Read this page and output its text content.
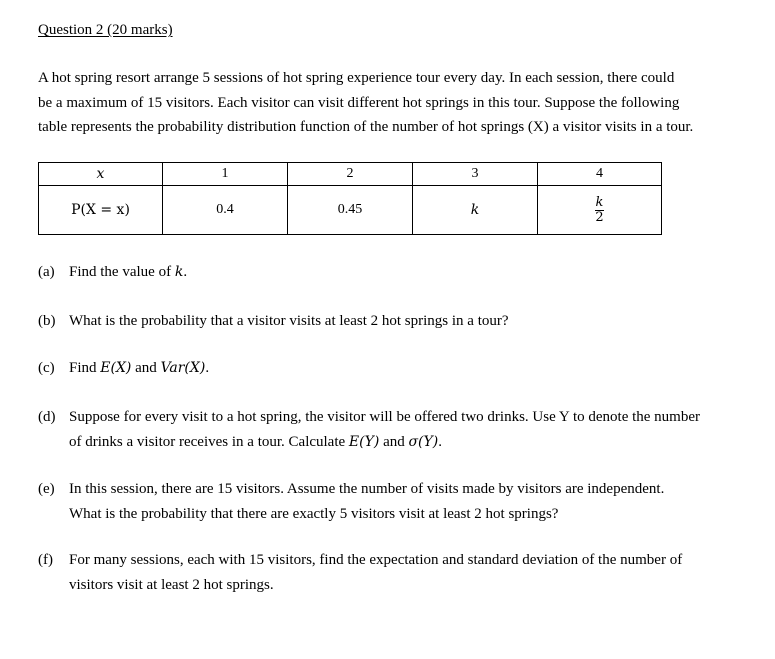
Question 2 (20 marks)
A hot spring resort arrange 5 sessions of hot spring experience tour every day. In each session, there could
be a maximum of 15 visitors. Each visitor can visit different hot springs in this tour. Suppose the following
table represents the probability distribution function of the number of hot springs (X) a visitor visits in a tour.
x	1	2	3	4
P(X = x)	0.4	0.45	k	$\frac{k}{2}$
(a) Find the value of k.
(b) What is the probability that a visitor visits at least 2 hot springs in a tour?
(c) Find E(X) and Var(X).
(d) Suppose for every visit to a hot spring, the visitor will be offered two drinks. Use Y to denote the number
of drinks a visitor receives in a tour. Calculate E(Y) and σ(Y).
(e) In this session, there are 15 visitors. Assume the number of visits made by visitors are independent.
What is the probability that there are exactly 5 visitors visit at least 2 hot springs?
(f) For many sessions, each with 15 visitors, find the expectation and standard deviation of the number of
visitors visit at least 2 hot springs.
